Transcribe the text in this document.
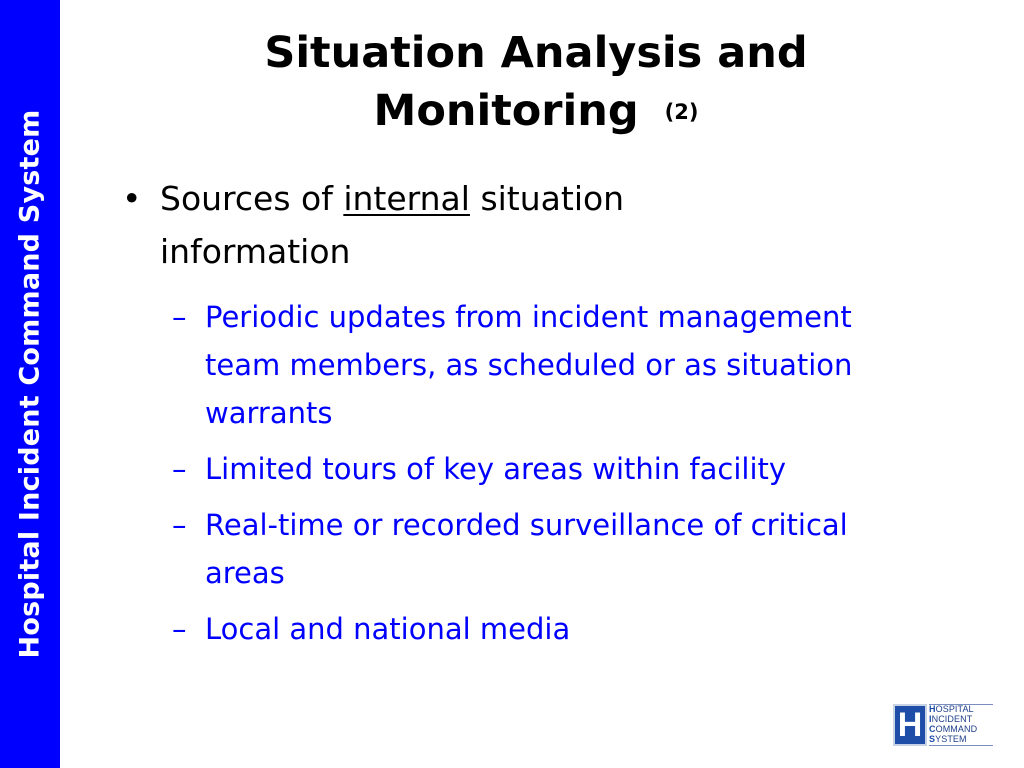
Hospital Incident Command System
Situation Analysis and
Monitoring (2)
• Sources of internal situation information
– Periodic updates from incident management team members, as scheduled or as situation warrants
– Limited tours of key areas within facility
– Real-time or recorded surveillance of critical areas
– Local and national media
H HOSPITAL
INCIDENT
COMMAND
SYSTEM
